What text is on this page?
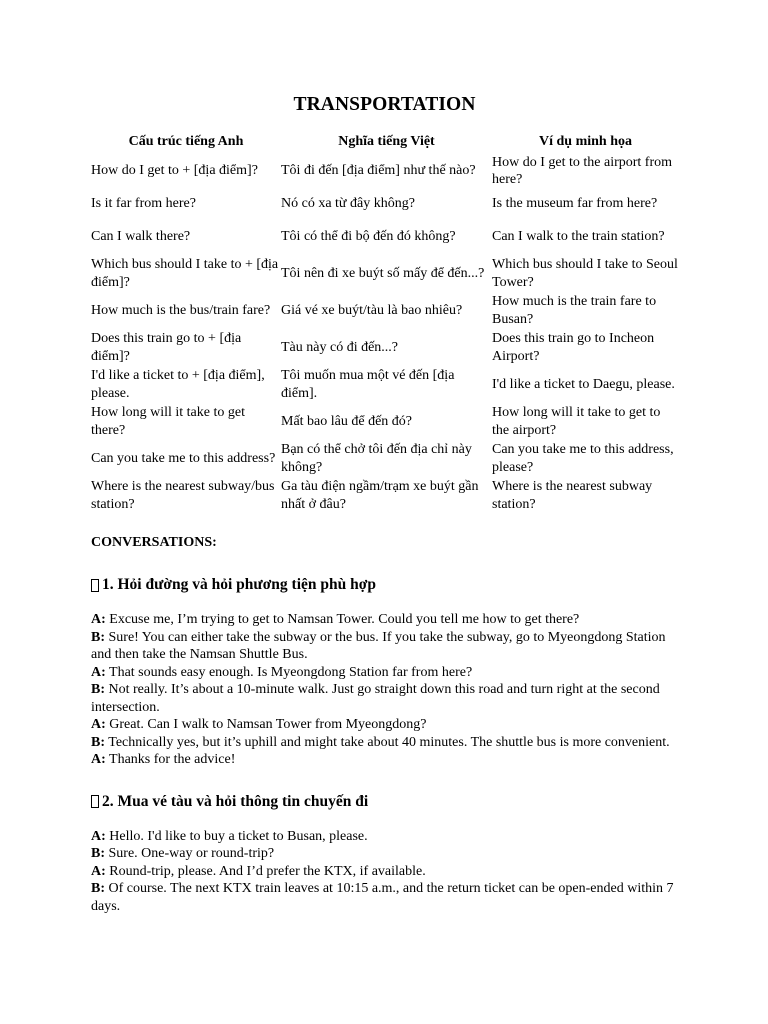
TRANSPORTATION
Cấu trúc tiếng Anh	Nghĩa tiếng Việt	Ví dụ minh họa
How do I get to + [địa điểm]?	Tôi đi đến [địa điểm] như thế nào?	How do I get to the airport from here?
Is it far from here?	Nó có xa từ đây không?	Is the museum far from here?
Can I walk there?	Tôi có thể đi bộ đến đó không?	Can I walk to the train station?
Which bus should I take to + [địa điểm]?	Tôi nên đi xe buýt số mấy để đến...?	Which bus should I take to Seoul Tower?
How much is the bus/train fare?	Giá vé xe buýt/tàu là bao nhiêu?	How much is the train fare to Busan?
Does this train go to + [địa điểm]?	Tàu này có đi đến...?	Does this train go to Incheon Airport?
I'd like a ticket to + [địa điểm], please.	Tôi muốn mua một vé đến [địa điểm].	I'd like a ticket to Daegu, please.
How long will it take to get there?	Mất bao lâu để đến đó?	How long will it take to get to the airport?
Can you take me to this address?	Bạn có thể chở tôi đến địa chỉ này không?	Can you take me to this address, please?
Where is the nearest subway/bus station?	Ga tàu điện ngầm/trạm xe buýt gần nhất ở đâu?	Where is the nearest subway station?
CONVERSATIONS:
1. Hỏi đường và hỏi phương tiện phù hợp

A: Excuse me, I’m trying to get to Namsan Tower. Could you tell me how to get there?

B: Sure! You can either take the subway or the bus. If you take the subway, go to Myeongdong Station and then take the Namsan Shuttle Bus.

A: That sounds easy enough. Is Myeongdong Station far from here?

B: Not really. It’s about a 10-minute walk. Just go straight down this road and turn right at the second intersection.

A: Great. Can I walk to Namsan Tower from Myeongdong?

B: Technically yes, but it’s uphill and might take about 40 minutes. The shuttle bus is more convenient.

A: Thanks for the advice!

2. Mua vé tàu và hỏi thông tin chuyến đi

A: Hello. I'd like to buy a ticket to Busan, please.

B: Sure. One-way or round-trip?

A: Round-trip, please. And I’d prefer the KTX, if available.

B: Of course. The next KTX train leaves at 10:15 a.m., and the return ticket can be open-ended within 7 days.
